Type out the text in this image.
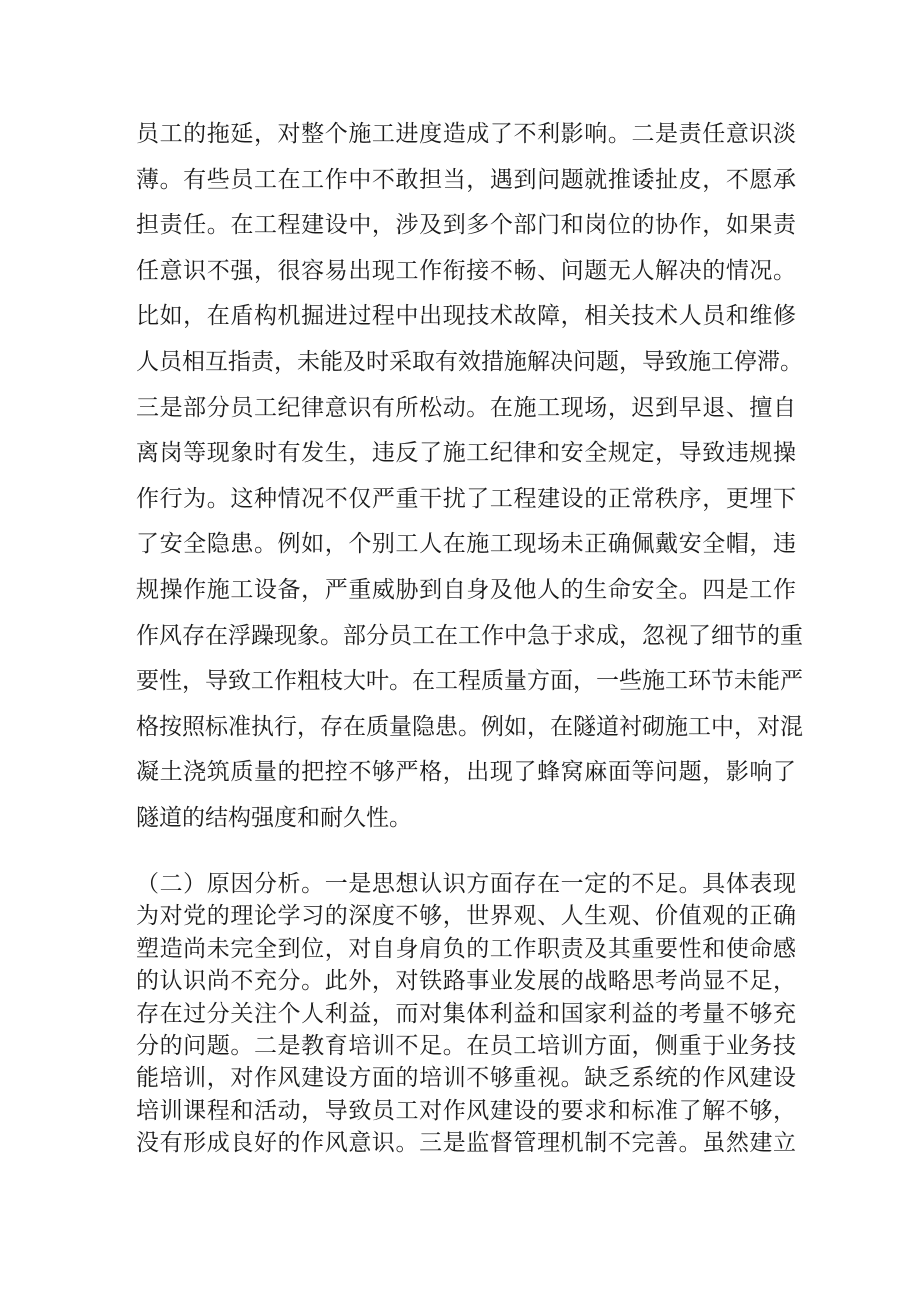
员工的拖延，对整个施工进度造成了不利影响。二是责任意识淡
薄。有些员工在工作中不敢担当，遇到问题就推诿扯皮，不愿承
担责任。在工程建设中，涉及到多个部门和岗位的协作，如果责
任意识不强，很容易出现工作衔接不畅、问题无人解决的情况。
比如，在盾构机掘进过程中出现技术故障，相关技术人员和维修
人员相互指责，未能及时采取有效措施解决问题，导致施工停滞。
三是部分员工纪律意识有所松动。在施工现场，迟到早退、擅自
离岗等现象时有发生，违反了施工纪律和安全规定，导致违规操
作行为。这种情况不仅严重干扰了工程建设的正常秩序，更埋下
了安全隐患。例如，个别工人在施工现场未正确佩戴安全帽，违
规操作施工设备，严重威胁到自身及他人的生命安全。四是工作
作风存在浮躁现象。部分员工在工作中急于求成，忽视了细节的重
要性，导致工作粗枝大叶。在工程质量方面，一些施工环节未能严
格按照标准执行，存在质量隐患。例如，在隧道衬砌施工中，对混
凝土浇筑质量的把控不够严格，出现了蜂窝麻面等问题，影响了
隧道的结构强度和耐久性。
（二）原因分析。一是思想认识方面存在一定的不足。具体表现
为对党的理论学习的深度不够，世界观、人生观、价值观的正确
塑造尚未完全到位，对自身肩负的工作职责及其重要性和使命感
的认识尚不充分。此外，对铁路事业发展的战略思考尚显不足，
存在过分关注个人利益，而对集体利益和国家利益的考量不够充
分的问题。二是教育培训不足。在员工培训方面，侧重于业务技
能培训，对作风建设方面的培训不够重视。缺乏系统的作风建设
培训课程和活动，导致员工对作风建设的要求和标准了解不够，
没有形成良好的作风意识。三是监督管理机制不完善。虽然建立
